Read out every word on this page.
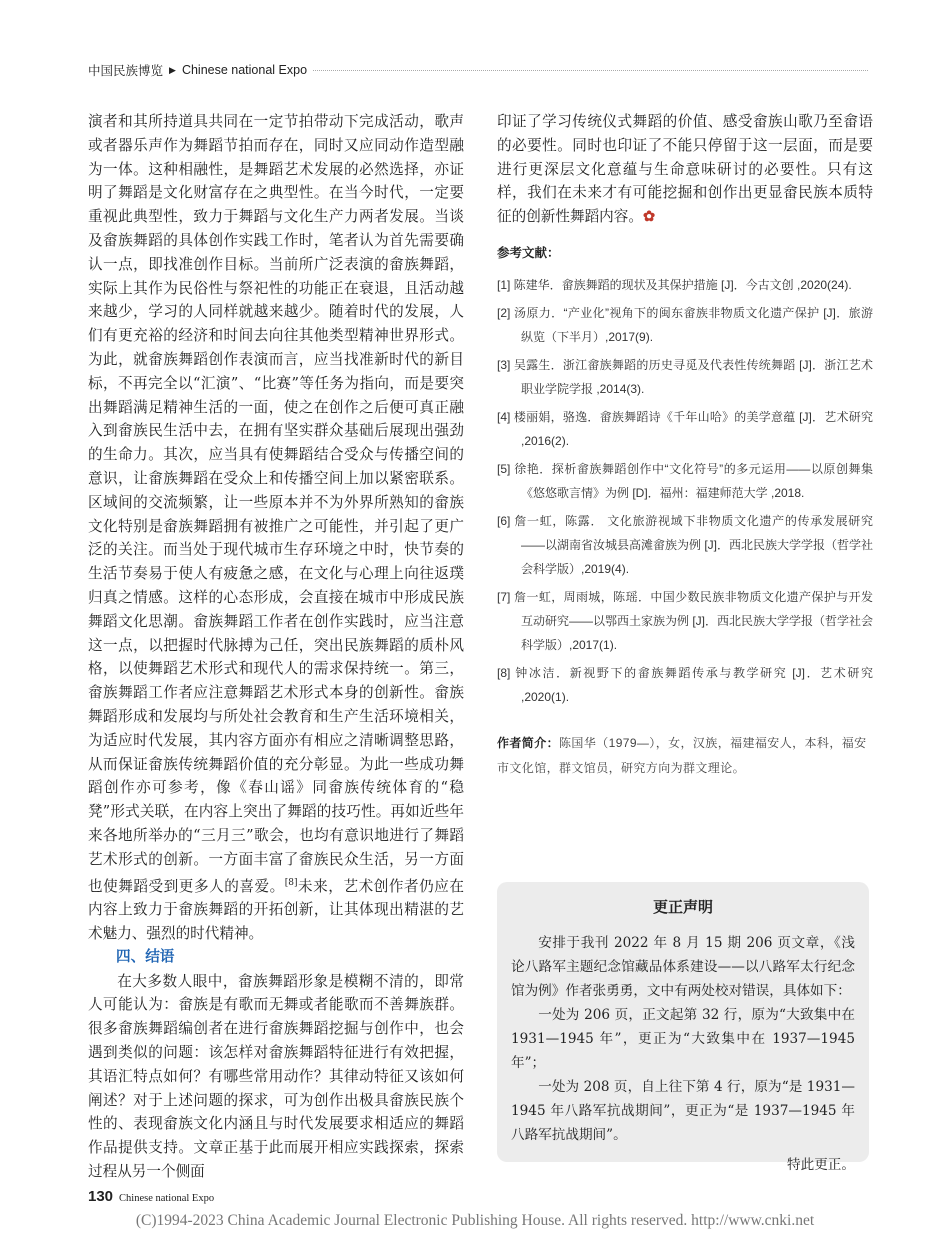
中国民族博览 ▶ Chinese national Expo

演者和其所持道具共同在一定节拍带动下完成活动，歌声或者器乐声作为舞蹈节拍而存在，同时又应同动作造型融为一体。这种相融性，是舞蹈艺术发展的必然选择，亦证明了舞蹈是文化财富存在之典型性。在当今时代，一定要重视此典型性，致力于舞蹈与文化生产力两者发展。当谈及畲族舞蹈的具体创作实践工作时，笔者认为首先需要确认一点，即找准创作目标。当前所广泛表演的畲族舞蹈，实际上其作为民俗性与祭祀性的功能正在衰退，且活动越来越少，学习的人同样就越来越少。随着时代的发展，人们有更充裕的经济和时间去向往其他类型精神世界形式。为此，就畲族舞蹈创作表演而言，应当找准新时代的新目标，不再完全以“汇演”、“比赛”等任务为指向，而是要突出舞蹈满足精神生活的一面，使之在创作之后便可真正融入到畲族民生活中去，在拥有坚实群众基础后展现出强劲的生命力。其次，应当具有使舞蹈结合受众与传播空间的意识，让畲族舞蹈在受众上和传播空间上加以紧密联系。区域间的交流频繁，让一些原本并不为外界所熟知的畲族文化特别是畲族舞蹈拥有被推广之可能性，并引起了更广泛的关注。而当处于现代城市生存环境之中时，快节奏的生活节奏易于使人有疲惫之感，在文化与心理上向往返璞归真之情感。这样的心态形成，会直接在城市中形成民族舞蹈文化思潮。畲族舞蹈工作者在创作实践时，应当注意这一点，以把握时代脉搏为己任，突出民族舞蹈的质朴风格，以使舞蹈艺术形式和现代人的需求保持统一。第三，畲族舞蹈工作者应注意舞蹈艺术形式本身的创新性。畲族舞蹈形成和发展均与所处社会教育和生产生活环境相关，为适应时代发展，其内容方面亦有相应之清晰调整思路，从而保证畲族传统舞蹈价值的充分彰显。为此一些成功舞蹈创作亦可参考，像《春山谣》同畲族传统体育的“稳凳”形式关联，在内容上突出了舞蹈的技巧性。再如近些年来各地所举办的“三月三”歌会，也均有意识地进行了舞蹈艺术形式的创新。一方面丰富了畲族民众生活，另一方面也使舞蹈受到更多人的喜爱。[8]未来，艺术创作者仍应在内容上致力于畲族舞蹈的开拓创新，让其体现出精湛的艺术魅力、强烈的时代精神。

四、结语

在大多数人眼中，畲族舞蹈形象是模糊不清的，即常人可能认为：畲族是有歌而无舞或者能歌而不善舞族群。很多畲族舞蹈编创者在进行畲族舞蹈挖掘与创作中，也会遇到类似的问题：该怎样对畲族舞蹈特征进行有效把握，其语汇特点如何？有哪些常用动作？其律动特征又该如何阐述？对于上述问题的探求，可为创作出极具畲族民族个性的、表现畲族文化内涵且与时代发展要求相适应的舞蹈作品提供支持。文章正基于此而展开相应实践探索，探索过程从另一个侧面

印证了学习传统仪式舞蹈的价值、感受畲族山歌乃至畲语的必要性。同时也印证了不能只停留于这一层面，而是要进行更深层文化意蕴与生命意味研讨的必要性。只有这样，我们在未来才有可能挖掘和创作出更显畲民族本质特征的创新性舞蹈内容。✿

参考文献：
[1] 陈建华．畲族舞蹈的现状及其保护措施 [J]．今古文创 ,2020(24).
[2] 汤原力．“产业化”视角下的闽东畲族非物质文化遗产保护 [J]．旅游纵览（下半月）,2017(9).
[3] 吴露生．浙江畲族舞蹈的历史寻觅及代表性传统舞蹈 [J]．浙江艺术职业学院学报 ,2014(3).
[4] 楼丽娟，骆逸．畲族舞蹈诗《千年山哈》的美学意蕴 [J]．艺术研究 ,2016(2).
[5] 徐艳．探析畲族舞蹈创作中“文化符号”的多元运用——以原创舞集《悠悠歌言情》为例 [D]．福州：福建师范大学 ,2018.
[6] 詹一虹，陈露． 文化旅游视域下非物质文化遗产的传承发展研究——以湖南省汝城县高滩畲族为例 [J]．西北民族大学学报（哲学社会科学版）,2019(4).
[7] 詹一虹，周雨城，陈瑶．中国少数民族非物质文化遗产保护与开发互动研究——以鄂西土家族为例 [J]．西北民族大学学报（哲学社会科学版）,2017(1).
[8] 钟冰洁．新视野下的畲族舞蹈传承与教学研究 [J]．艺术研究 ,2020(1).
作者简介：陈国华（1979—），女，汉族，福建福安人，本科，福安市文化馆，群文馆员，研究方向为群文理论。
更正声明

安排于我刊 2022 年 8 月 15 期 206 页文章，《浅论八路军主题纪念馆藏品体系建设——以八路军太行纪念馆为例》作者张勇勇，文中有两处校对错误，具体如下：

一处为 206 页，正文起第 32 行，原为“大致集中在 1931—1945 年”，更正为“大致集中在 1937—1945 年”；

一处为 208 页，自上往下第 4 行，原为“是 1931—1945 年八路军抗战期间”，更正为“是 1937—1945 年八路军抗战期间”。

特此更正。

130 Chinese national Expo
(C)1994-2023 China Academic Journal Electronic Publishing House. All rights reserved. http://www.cnki.net
